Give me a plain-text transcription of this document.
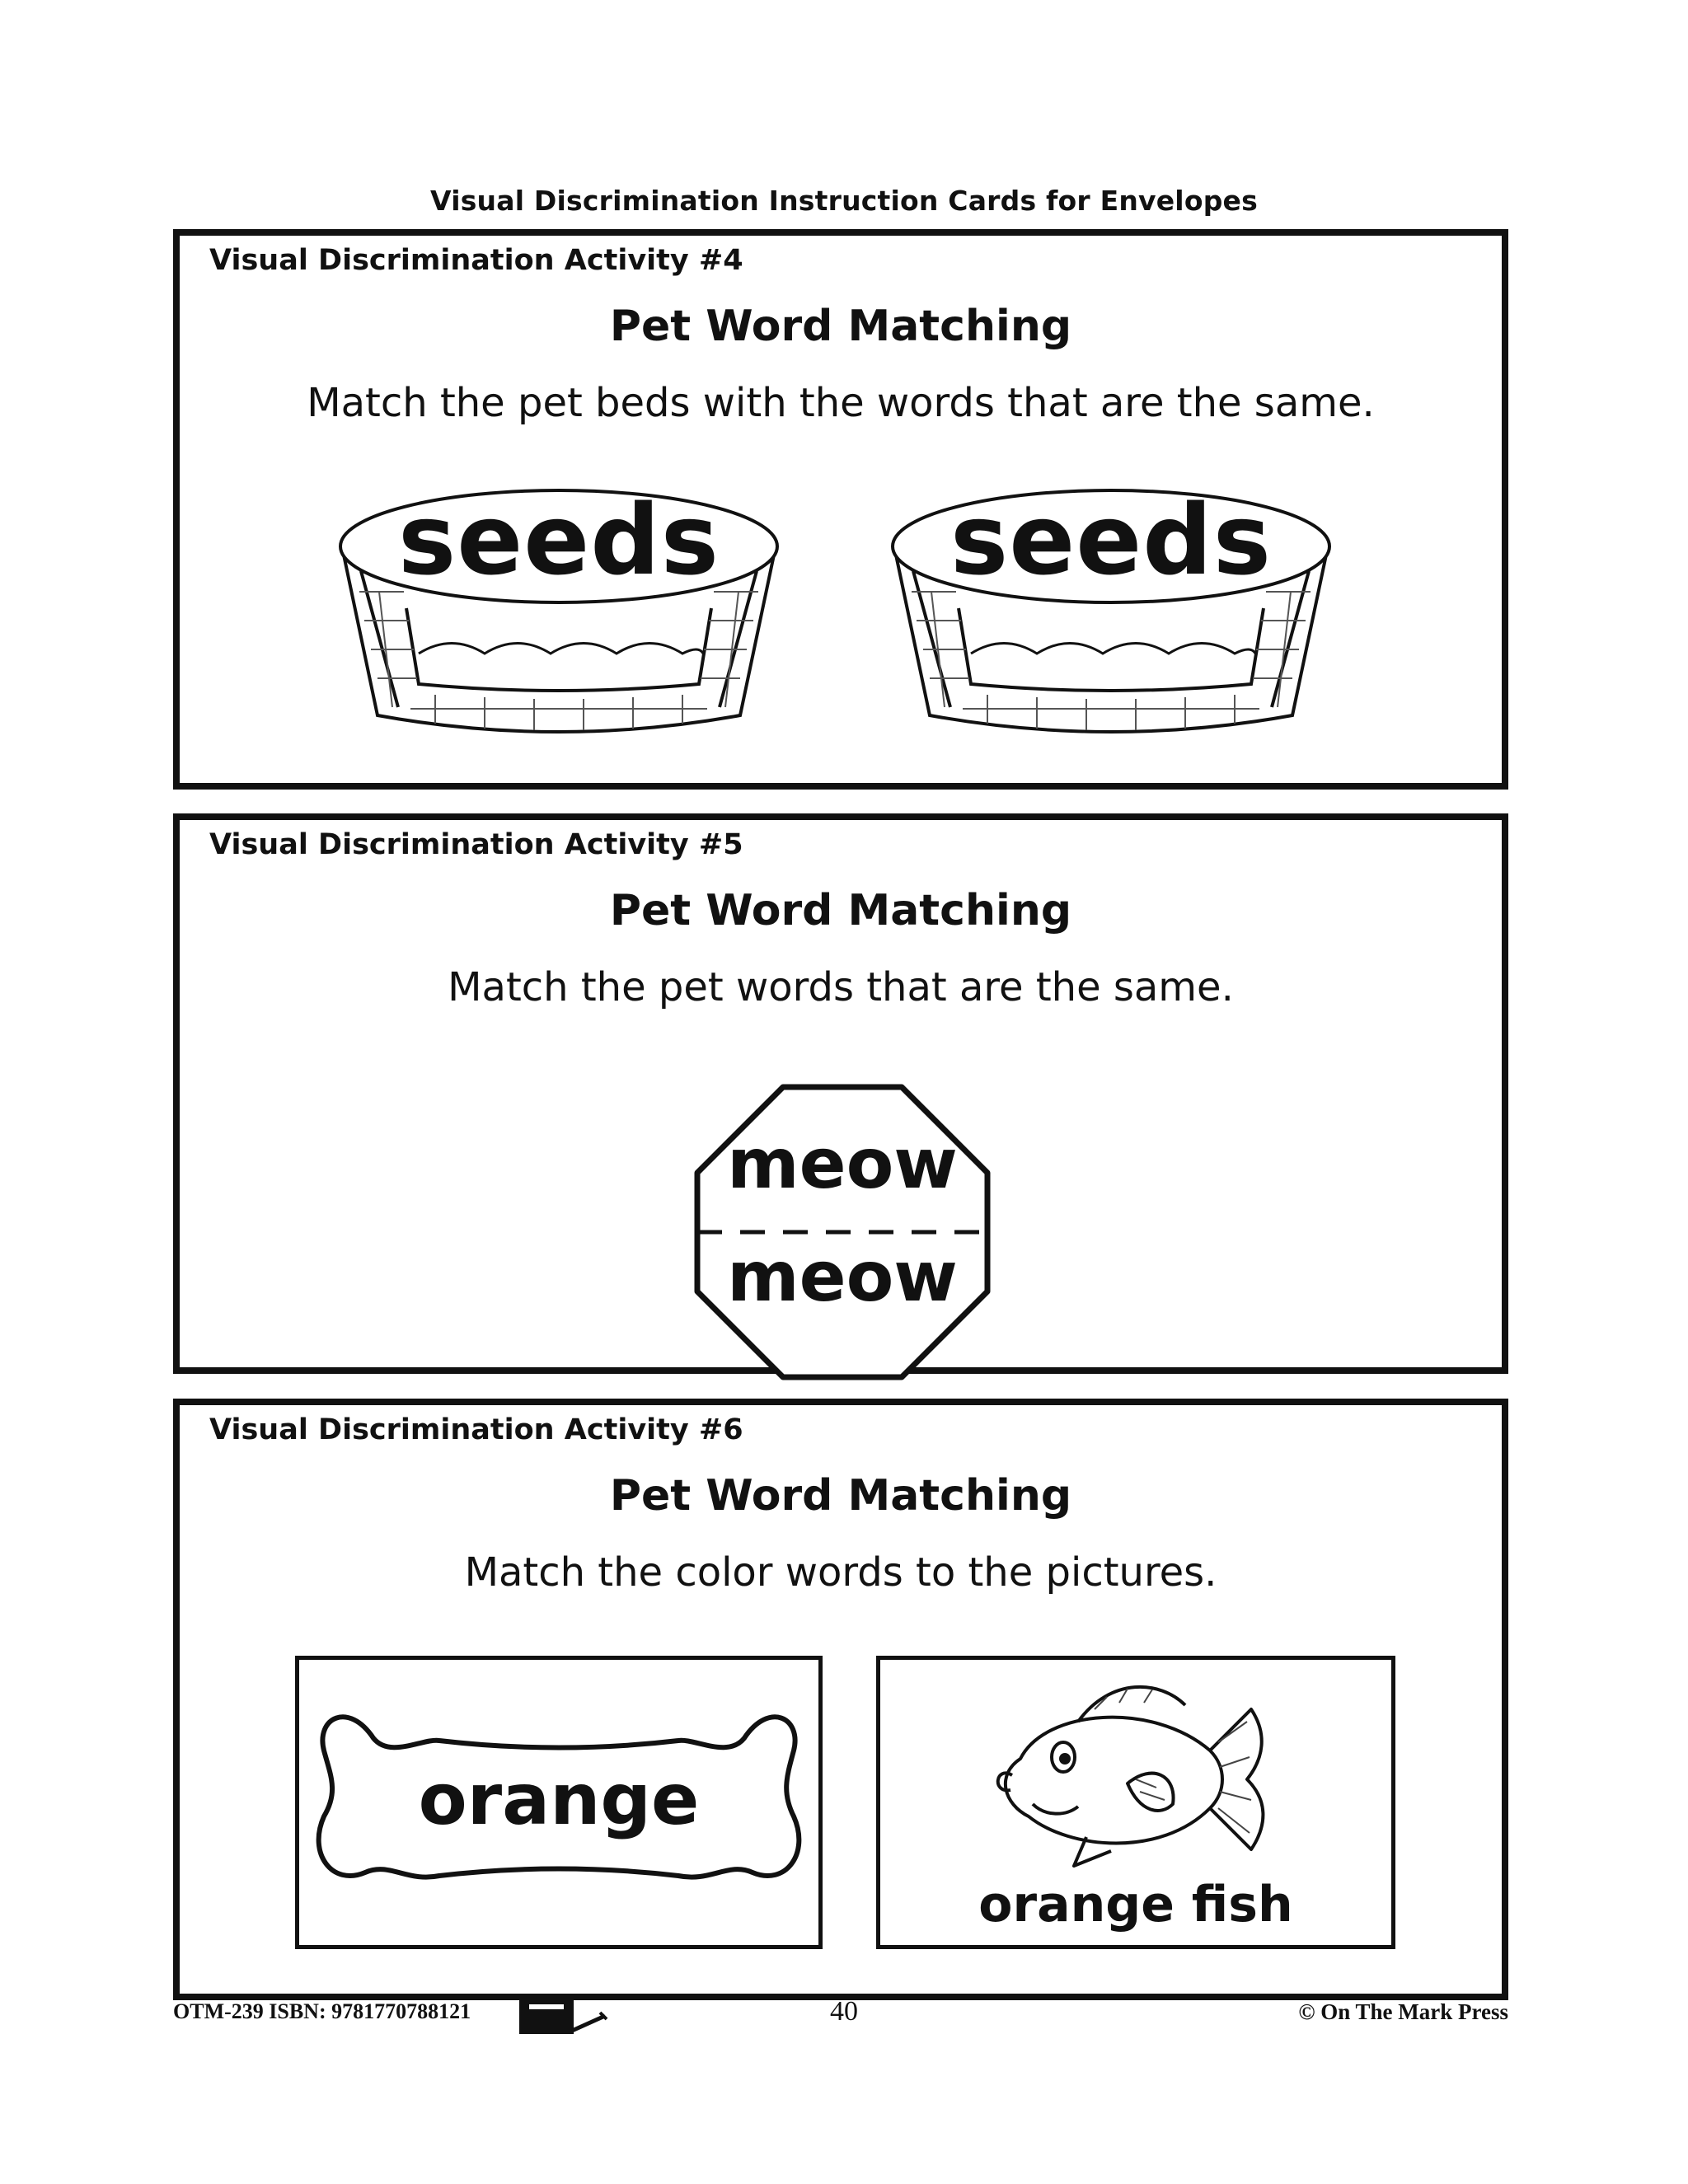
Visual Discrimination Instruction Cards for Envelopes
Visual Discrimination Activity #4
Pet Word Matching
Match the pet beds with the words that are the same.
seeds	seeds
Visual Discrimination Activity #5
Pet Word Matching
Match the pet words that are the same.
meow
meow
Visual Discrimination Activity #6
Pet Word Matching
Match the color words to the pictures.
orange
orange fish
OTM-239 ISBN: 9781770788121	40	© On The Mark Press
